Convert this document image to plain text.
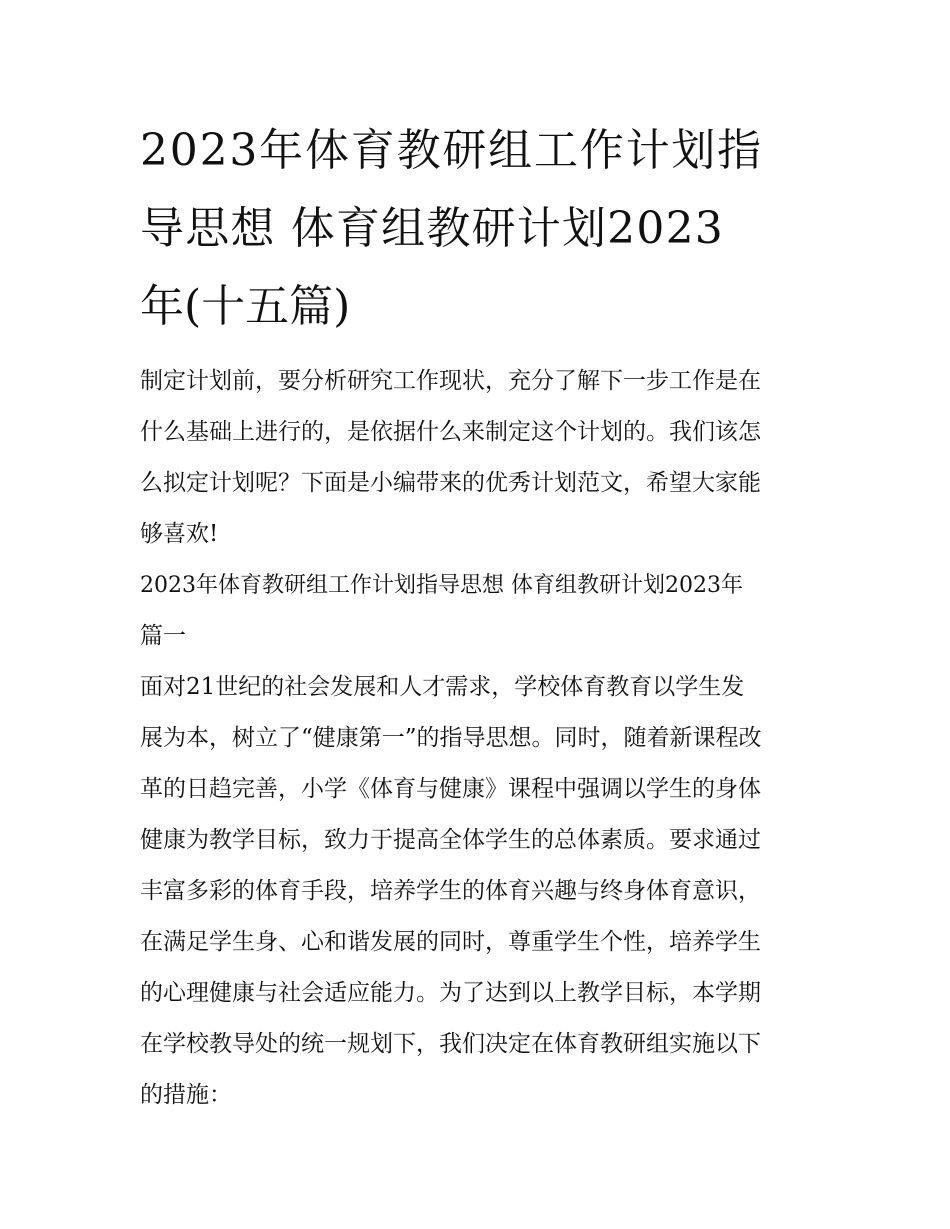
2023年体育教研组工作计划指
导思想 体育组教研计划2023
年(十五篇)
制定计划前，要分析研究工作现状，充分了解下一步工作是在
什么基础上进行的，是依据什么来制定这个计划的。我们该怎
么拟定计划呢？下面是小编带来的优秀计划范文，希望大家能
够喜欢!
2023年体育教研组工作计划指导思想 体育组教研计划2023年
篇一
面对21世纪的社会发展和人才需求，学校体育教育以学生发
展为本，树立了“健康第一”的指导思想。同时，随着新课程改
革的日趋完善，小学《体育与健康》课程中强调以学生的身体
健康为教学目标，致力于提高全体学生的总体素质。要求通过
丰富多彩的体育手段，培养学生的体育兴趣与终身体育意识，
在满足学生身、心和谐发展的同时，尊重学生个性，培养学生
的心理健康与社会适应能力。为了达到以上教学目标，本学期
在学校教导处的统一规划下，我们决定在体育教研组实施以下
的措施：
